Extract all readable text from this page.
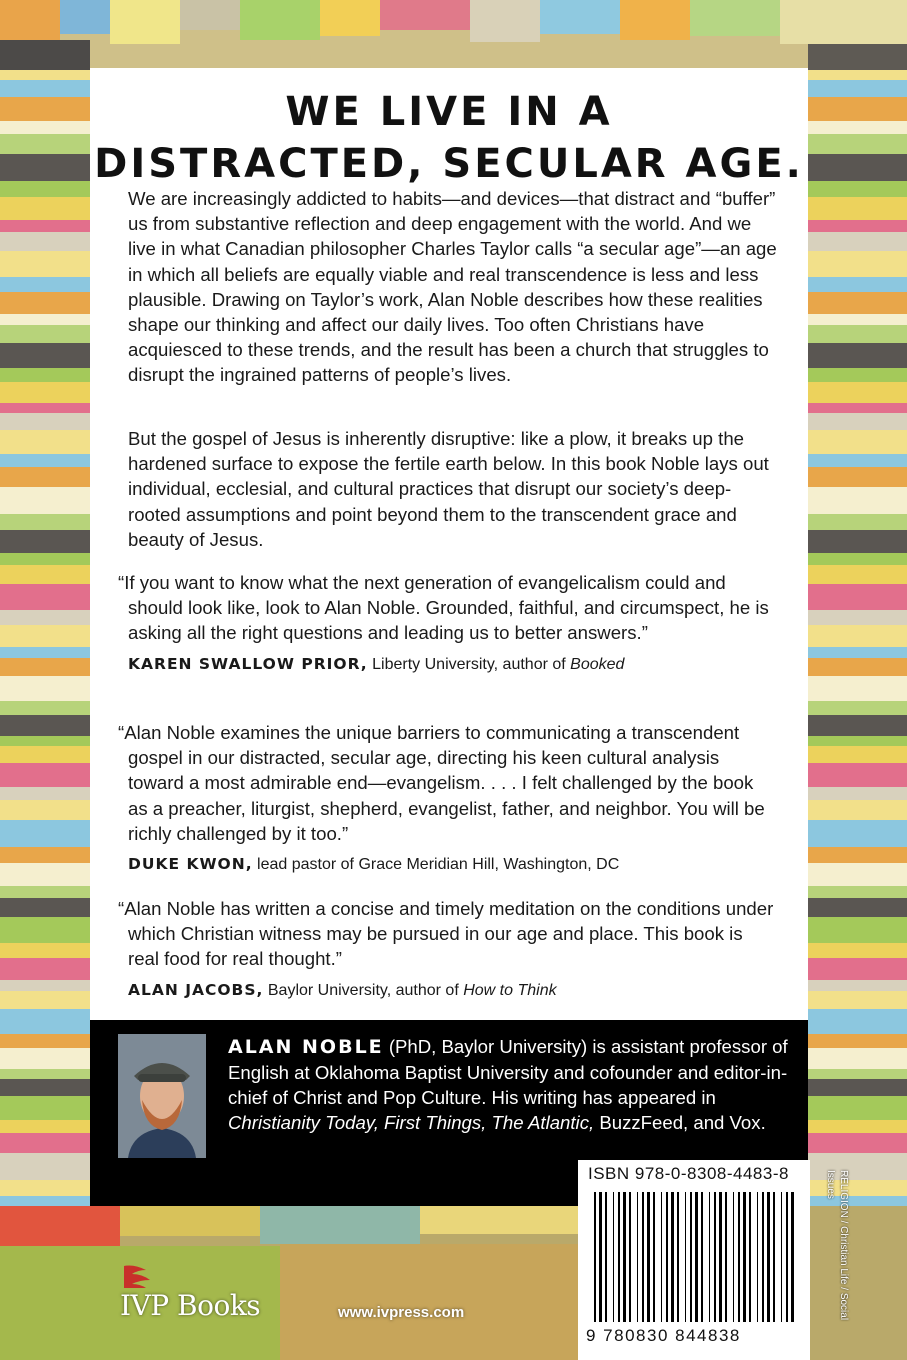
WE LIVE IN A
DISTRACTED, SECULAR AGE.

We are increasingly addicted to habits—and devices—that distract and “buffer” us from substantive reflection and deep engagement with the world. And we live in what Canadian philosopher Charles Taylor calls “a secular age”—an age in which all beliefs are equally viable and real transcendence is less and less plausible. Drawing on Taylor’s work, Alan Noble describes how these realities shape our thinking and affect our daily lives. Too often Christians have acquiesced to these trends, and the result has been a church that struggles to disrupt the ingrained patterns of people’s lives.

But the gospel of Jesus is inherently disruptive: like a plow, it breaks up the hardened surface to expose the fertile earth below. In this book Noble lays out individual, ecclesial, and cultural practices that disrupt our society’s deep-rooted assumptions and point beyond them to the transcendent grace and beauty of Jesus.

“If you want to know what the next generation of evangelicalism could and should look like, look to Alan Noble. Grounded, faithful, and circumspect, he is asking all the right questions and leading us to better answers.”

KAREN SWALLOW PRIOR, Liberty University, author of Booked

“Alan Noble examines the unique barriers to communicating a transcendent gospel in our distracted, secular age, directing his keen cultural analysis toward a most admirable end—evangelism. . . . I felt challenged by the book as a preacher, liturgist, shepherd, evangelist, father, and neighbor. You will be richly challenged by it too.”

DUKE KWON, lead pastor of Grace Meridian Hill, Washington, DC

“Alan Noble has written a concise and timely meditation on the conditions under which Christian witness may be pursued in our age and place. This book is real food for real thought.”

ALAN JACOBS, Baylor University, author of How to Think
ALAN NOBLE (PhD, Baylor University) is assistant professor of English at Oklahoma Baptist University and cofounder and editor-in-chief of Christ and Pop Culture. His writing has appeared in Christianity Today, First Things, The Atlantic, BuzzFeed, and Vox.
ISBN 978-0-8308-4483-8
9 780830 844838
RELIGION / Christian Life / Social Issues
IVP Books	www.ivpress.com
